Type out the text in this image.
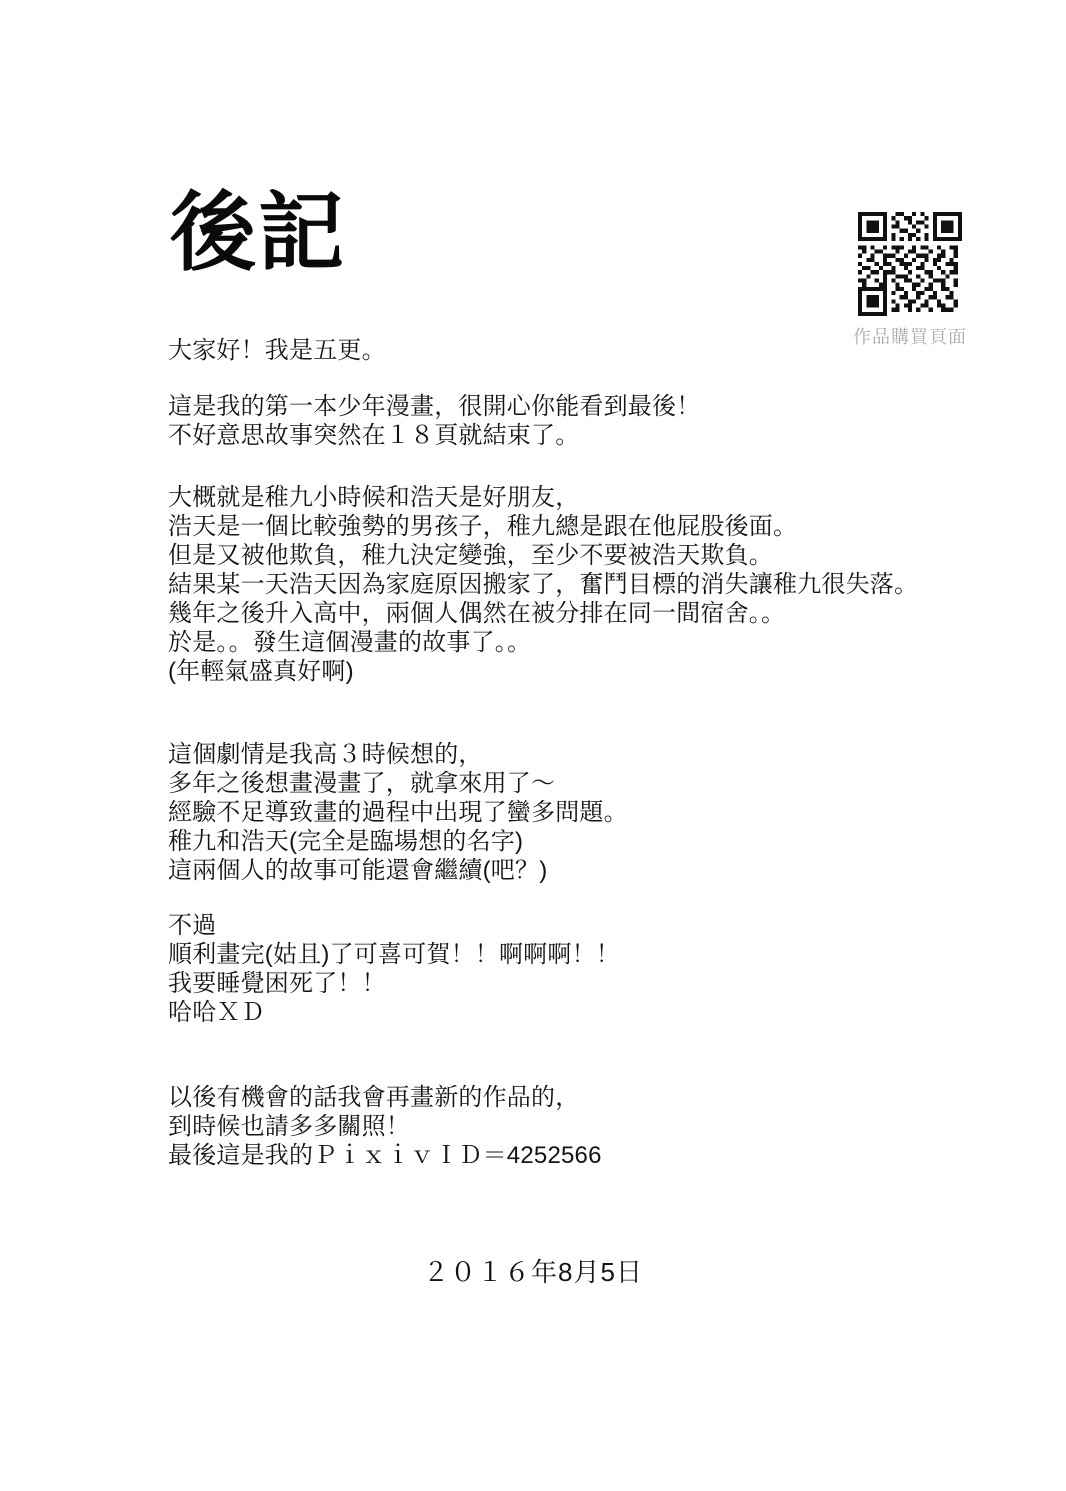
後記
作品購買頁面
大家好！我是五更。
這是我的第一本少年漫畫，很開心你能看到最後！
不好意思故事突然在１８頁就結束了。
大概就是稚九小時候和浩天是好朋友，
浩天是一個比較強勢的男孩子，稚九總是跟在他屁股後面。
但是又被他欺負，稚九決定變強，至少不要被浩天欺負。
結果某一天浩天因為家庭原因搬家了，奮鬥目標的消失讓稚九很失落。
幾年之後升入高中，兩個人偶然在被分排在同一間宿舍。。
於是。。發生這個漫畫的故事了。。
(年輕氣盛真好啊)
這個劇情是我高３時候想的，
多年之後想畫漫畫了，就拿來用了～
經驗不足導致畫的過程中出現了蠻多問題。
稚九和浩天(完全是臨場想的名字)
這兩個人的故事可能還會繼續(吧？)
不過
順利畫完(姑且)了可喜可賀！！啊啊啊！！
我要睡覺困死了！！
哈哈ＸＤ
以後有機會的話我會再畫新的作品的，
到時候也請多多關照！
最後這是我的ＰｉｘｉｖＩＤ＝4252566
２０１６年8月5日
